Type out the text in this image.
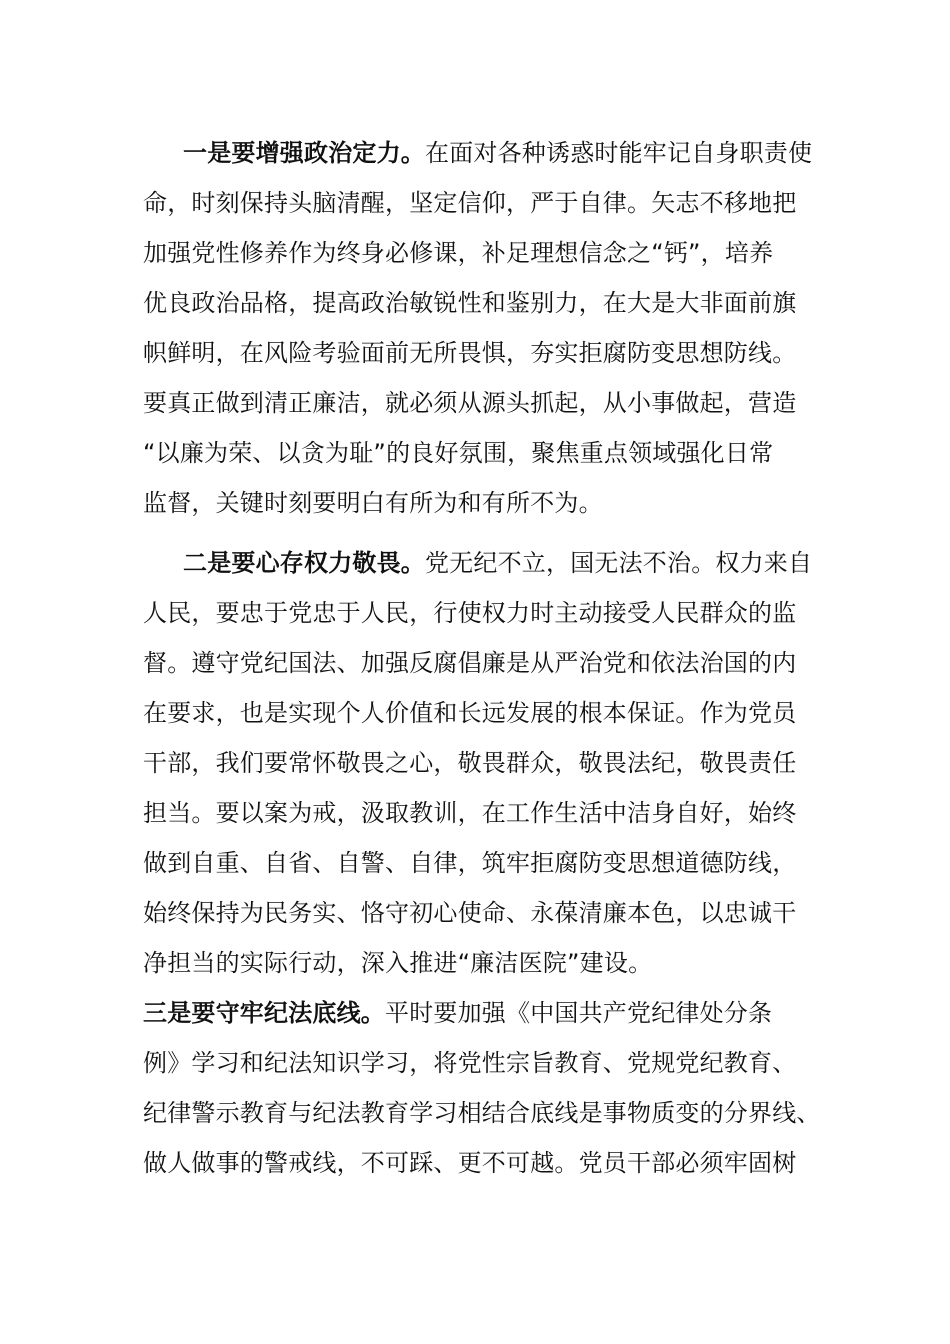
一是要增强政治定力。在面对各种诱惑时能牢记自身职责使
命，时刻保持头脑清醒，坚定信仰，严于自律。矢志不移地把
加强党性修养作为终身必修课，补足理想信念之“钙”，培养
优良政治品格，提高政治敏锐性和鉴别力，在大是大非面前旗
帜鲜明，在风险考验面前无所畏惧，夯实拒腐防变思想防线。
要真正做到清正廉洁，就必须从源头抓起，从小事做起，营造
“以廉为荣、以贪为耻”的良好氛围，聚焦重点领域强化日常
监督，关键时刻要明白有所为和有所不为。
二是要心存权力敬畏。党无纪不立，国无法不治。权力来自
人民，要忠于党忠于人民，行使权力时主动接受人民群众的监
督。遵守党纪国法、加强反腐倡廉是从严治党和依法治国的内
在要求，也是实现个人价值和长远发展的根本保证。作为党员
干部，我们要常怀敬畏之心，敬畏群众，敬畏法纪，敬畏责任
担当。要以案为戒，汲取教训，在工作生活中洁身自好，始终
做到自重、自省、自警、自律，筑牢拒腐防变思想道德防线，
始终保持为民务实、恪守初心使命、永葆清廉本色，以忠诚干
净担当的实际行动，深入推进“廉洁医院”建设。
三是要守牢纪法底线。平时要加强《中国共产党纪律处分条
例》学习和纪法知识学习，将党性宗旨教育、党规党纪教育、
纪律警示教育与纪法教育学习相结合底线是事物质变的分界线、
做人做事的警戒线，不可踩、更不可越。党员干部必须牢固树
